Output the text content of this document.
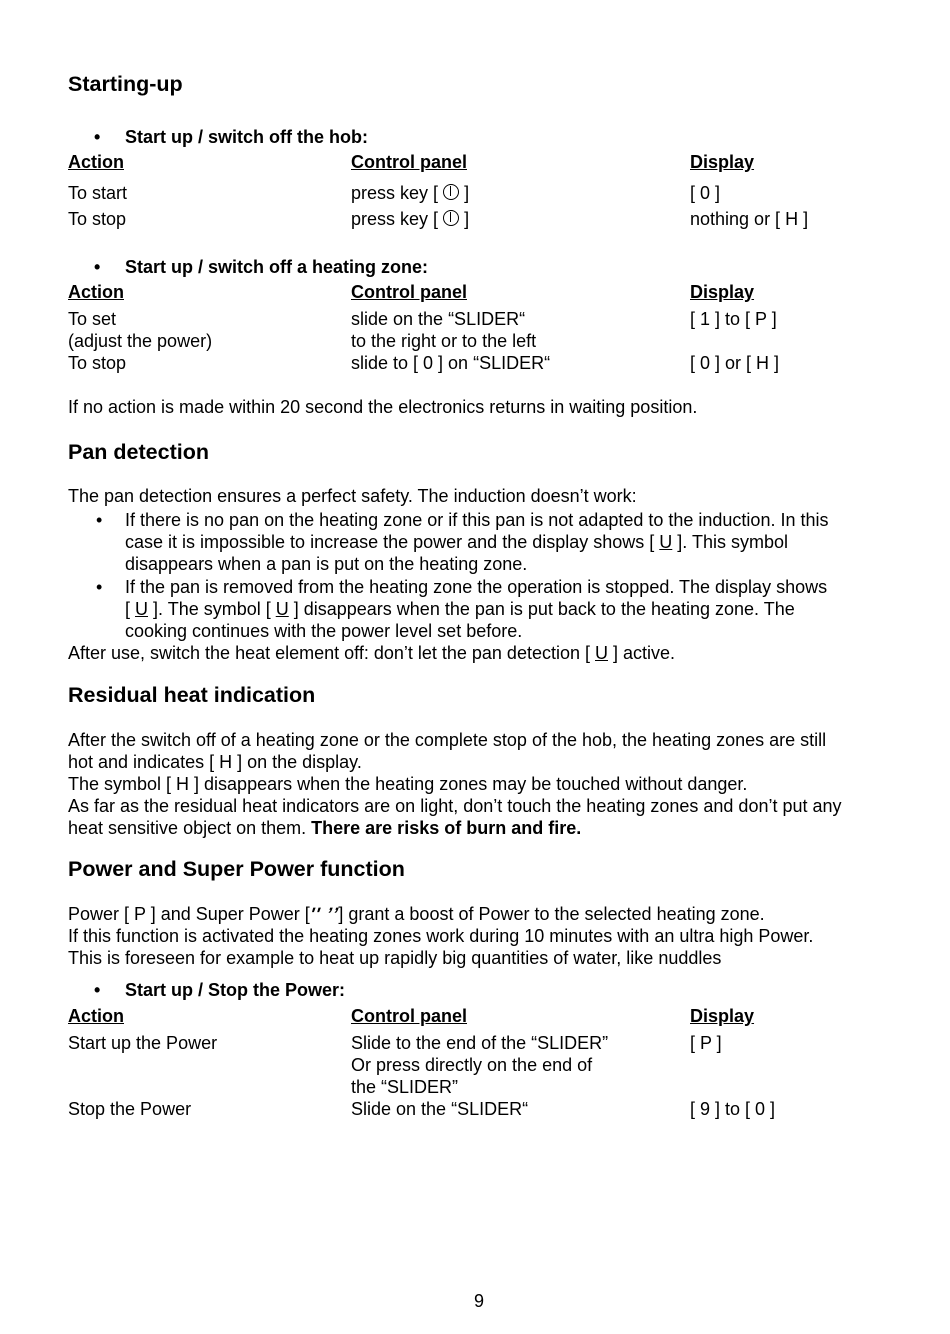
Starting-up
• Start up / switch off the hob:
Action	Control panel	Display
To start	press key [ ]	[ 0 ]
To stop	press key [ ]	nothing or [ H ]
• Start up / switch off a heating zone:
Action	Control panel	Display
To set	slide on the “SLIDER“	[ 1 ] to [ P ]
(adjust the power)	to the right or to the left
To stop	slide to [ 0 ] on “SLIDER“	[ 0 ] or [ H ]
If no action is made within 20 second the electronics returns in waiting position.
Pan detection
The pan detection ensures a perfect safety. The induction doesn’t work:
• If there is no pan on the heating zone or if this pan is not adapted to the induction. In this
case it is impossible to increase the power and the display shows [ U ]. This symbol
disappears when a pan is put on the heating zone.
• If the pan is removed from the heating zone the operation is stopped. The display shows
[ U ]. The symbol [ U ] disappears when the pan is put back to the heating zone. The
cooking continues with the power level set before.
After use, switch the heat element off: don’t let the pan detection [ U ] active.
Residual heat indication
After the switch off of a heating zone or the complete stop of the hob, the heating zones are still
hot and indicates [ H ] on the display.
The symbol [ H ] disappears when the heating zones may be touched without danger.
As far as the residual heat indicators are on light, don’t touch the heating zones and don’t put any
heat sensitive object on them. There are risks of burn and fire.
Power and Super Power function
Power [ P ] and Super Power [ʹʹ ʼʼ] grant a boost of Power to the selected heating zone.
If this function is activated the heating zones work during 10 minutes with an ultra high Power.
This is foreseen for example to heat up rapidly big quantities of water, like nuddles
• Start up / Stop the Power:
Action	Control panel	Display
Start up the Power	Slide to the end of the “SLIDER”	[ P ]
Or press directly on the end of
the “SLIDER”
Stop the Power	Slide on the “SLIDER“	[ 9 ] to [ 0 ]
9
